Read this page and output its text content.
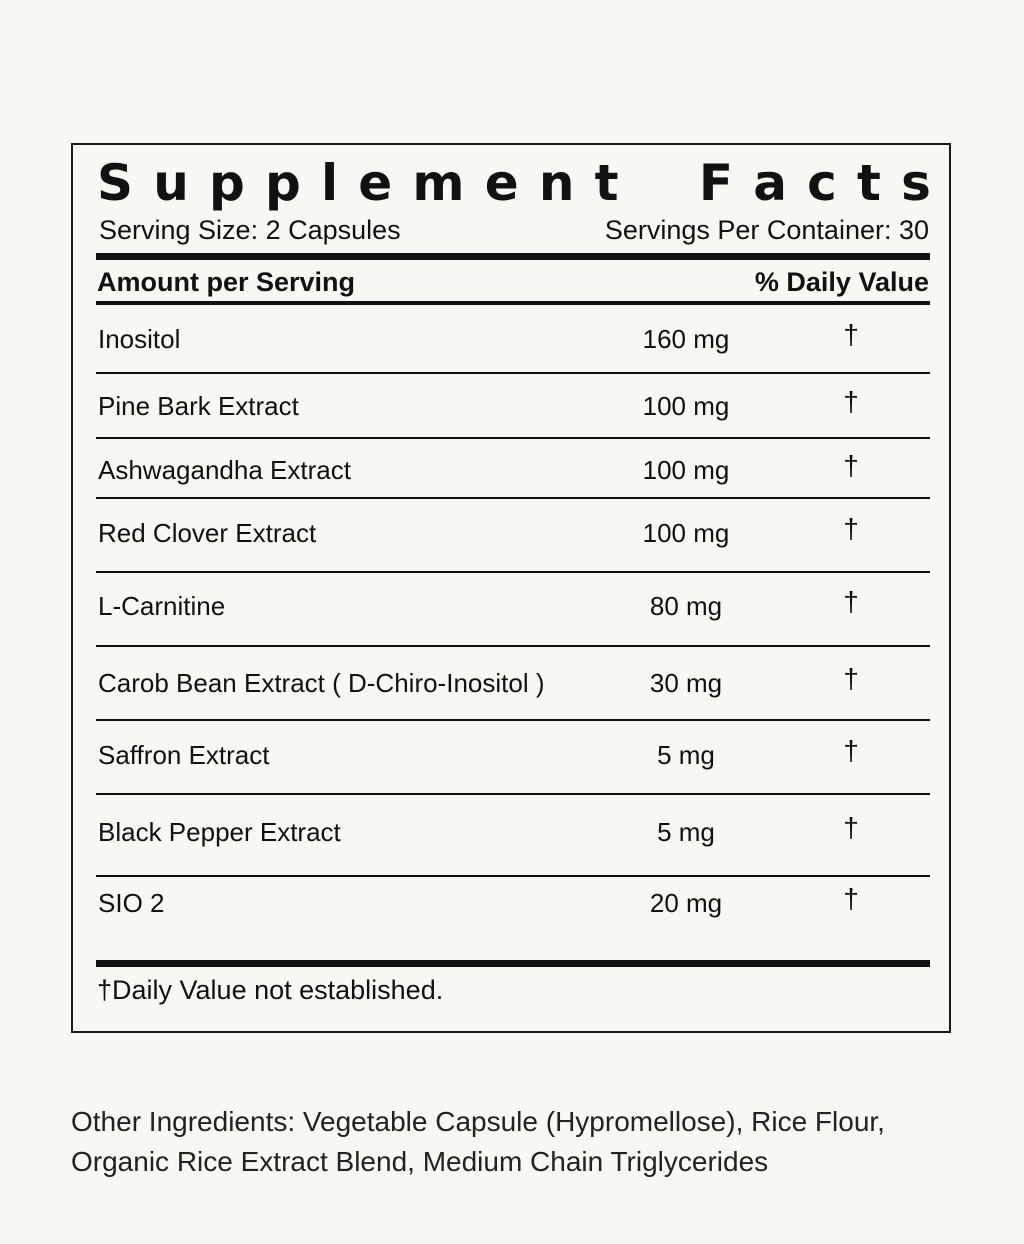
S u p p l e m e n t F a c t s
Serving Size: 2 Capsules	Servings Per Container: 30
Amount per Serving	% Daily Value
Inositol	160 mg	†
Pine Bark Extract	100 mg	†
Ashwagandha Extract	100 mg	†
Red Clover Extract	100 mg	†
L-Carnitine	80 mg	†
Carob Bean Extract ( D-Chiro-Inositol )	30 mg	†
Saffron Extract	5 mg	†
Black Pepper Extract	5 mg	†
SIO 2	20 mg	†
†Daily Value not established.
Other Ingredients: Vegetable Capsule (Hypromellose), Rice Flour, Organic Rice Extract Blend, Medium Chain Triglycerides
